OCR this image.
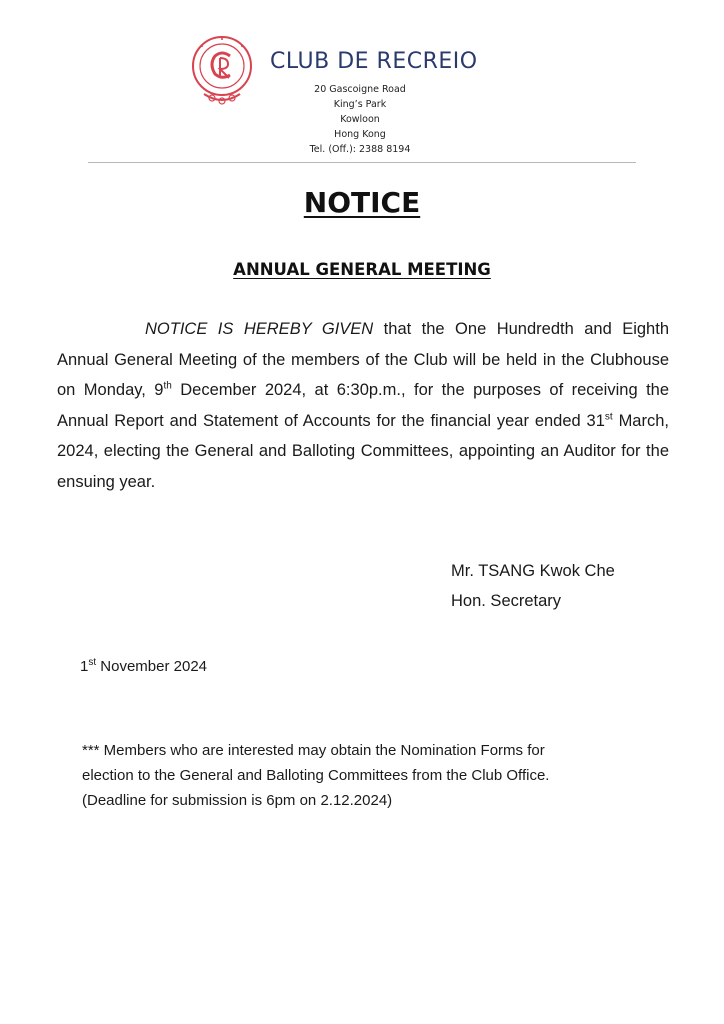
CLUB DE RECREIO
20 Gascoigne Road
King’s Park
Kowloon
Hong Kong
Tel. (Off.): 2388 8194
NOTICE
ANNUAL GENERAL MEETING
NOTICE IS HEREBY GIVEN that the One Hundredth and Eighth Annual General Meeting of the members of the Club will be held in the Clubhouse on Monday, 9th December 2024, at 6:30p.m., for the purposes of receiving the Annual Report and Statement of Accounts for the financial year ended 31st March, 2024, electing the General and Balloting Committees, appointing an Auditor for the ensuing year.
Mr. TSANG Kwok Che
Hon. Secretary
1st November 2024
*** Members who are interested may obtain the Nomination Forms for
election to the General and Balloting Committees from the Club Office.
(Deadline for submission is 6pm on 2.12.2024)
